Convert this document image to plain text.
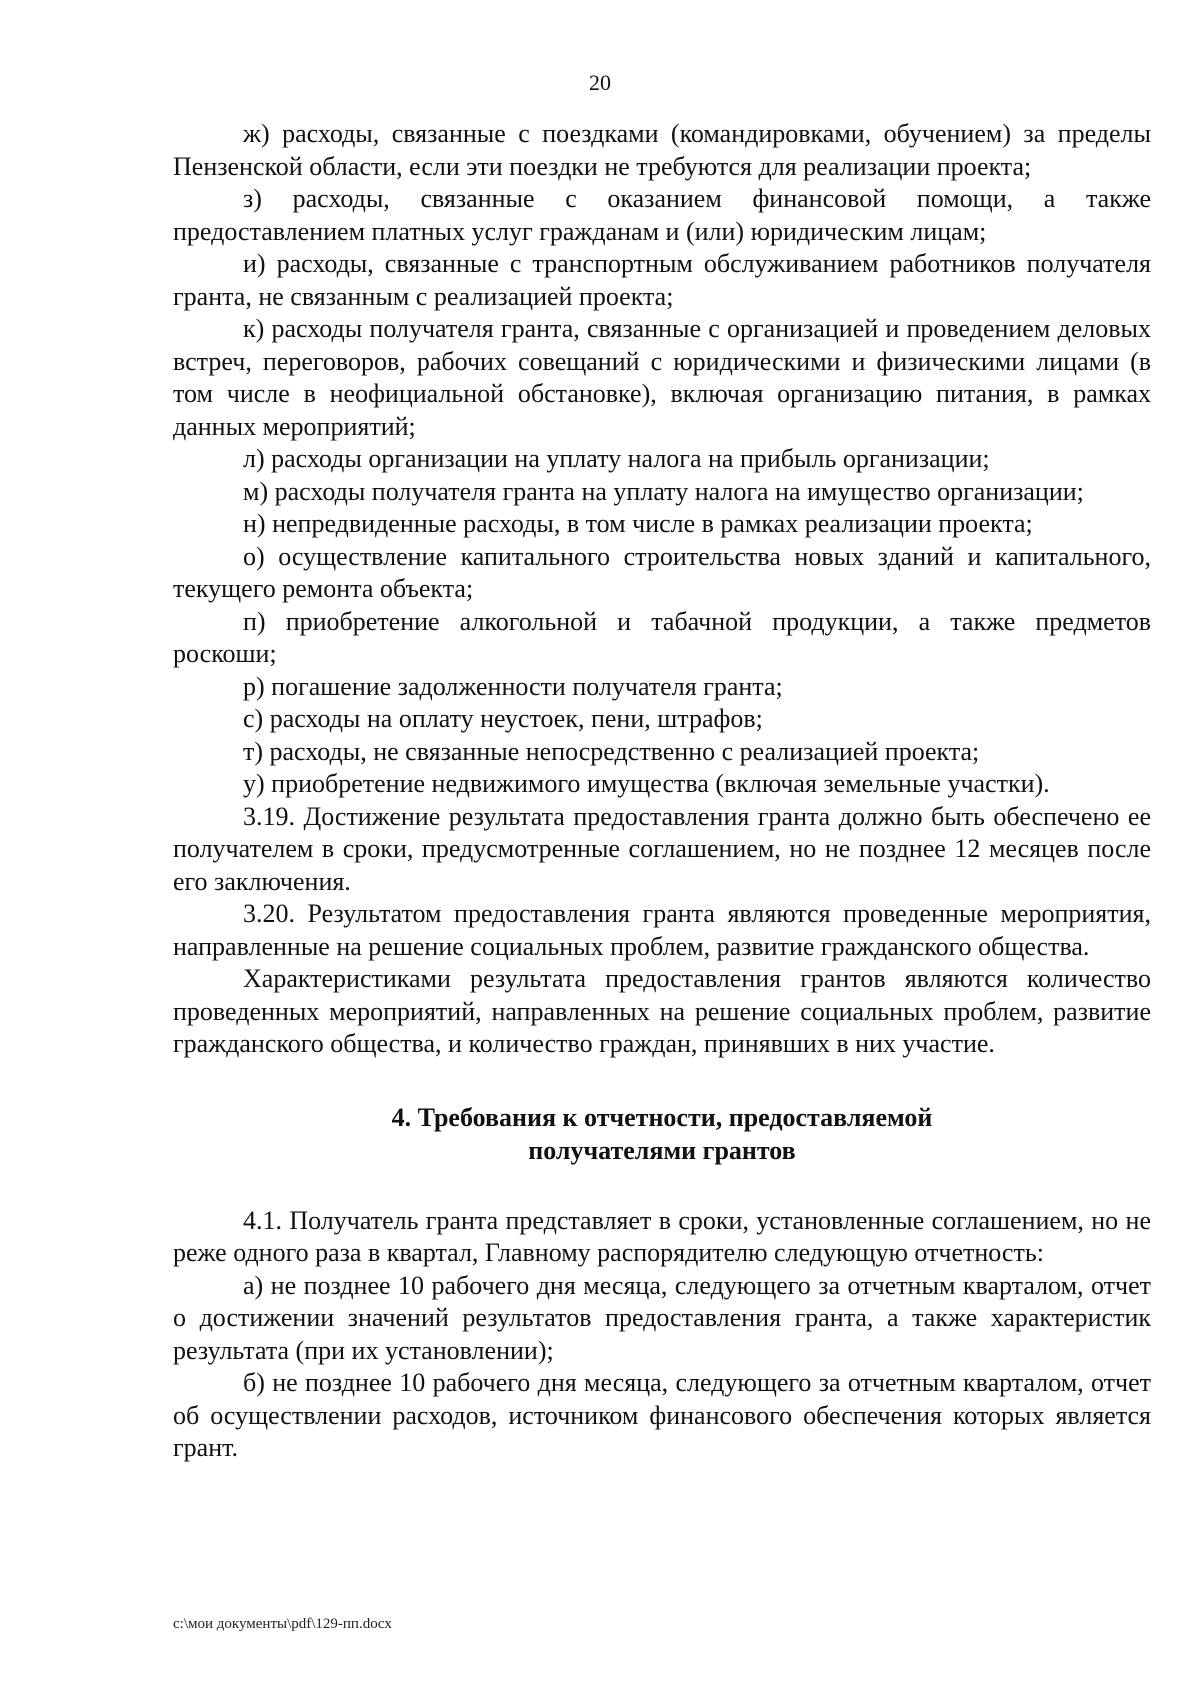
20

ж) расходы, связанные с поездками (командировками, обучением) за пределы Пензенской области, если эти поездки не требуются для реализации проекта;

з) расходы, связанные с оказанием финансовой помощи, а также предоставлением платных услуг гражданам и (или) юридическим лицам;

и) расходы, связанные с транспортным обслуживанием работников получателя гранта, не связанным с реализацией проекта;

к) расходы получателя гранта, связанные с организацией и проведением деловых встреч, переговоров, рабочих совещаний с юридическими и физическими лицами (в том числе в неофициальной обстановке), включая организацию питания, в рамках данных мероприятий;

л) расходы организации на уплату налога на прибыль организации;

м) расходы получателя гранта на уплату налога на имущество организации;

н) непредвиденные расходы, в том числе в рамках реализации проекта;

о) осуществление капитального строительства новых зданий и капитального, текущего ремонта объекта;

п) приобретение алкогольной и табачной продукции, а также предметов роскоши;

р) погашение задолженности получателя гранта;

с) расходы на оплату неустоек, пени, штрафов;

т) расходы, не связанные непосредственно с реализацией проекта;

у) приобретение недвижимого имущества (включая земельные участки).

3.19. Достижение результата предоставления гранта должно быть обеспечено ее получателем в сроки, предусмотренные соглашением, но не позднее 12 месяцев после его заключения.

3.20. Результатом предоставления гранта являются проведенные мероприятия, направленные на решение социальных проблем, развитие гражданского общества.

Характеристиками результата предоставления грантов являются количество проведенных мероприятий, направленных на решение социальных проблем, развитие гражданского общества, и количество граждан, принявших в них участие.

4. Требования к отчетности, предоставляемой
получателями грантов

4.1. Получатель гранта представляет в сроки, установленные соглашением, но не реже одного раза в квартал, Главному распорядителю следующую отчетность:

а) не позднее 10 рабочего дня месяца, следующего за отчетным кварталом, отчет о достижении значений результатов предоставления гранта, а также характеристик результата (при их установлении);

б) не позднее 10 рабочего дня месяца, следующего за отчетным кварталом, отчет об осуществлении расходов, источником финансового обеспечения которых является грант.

c:\мои документы\pdf\129-пп.docx
